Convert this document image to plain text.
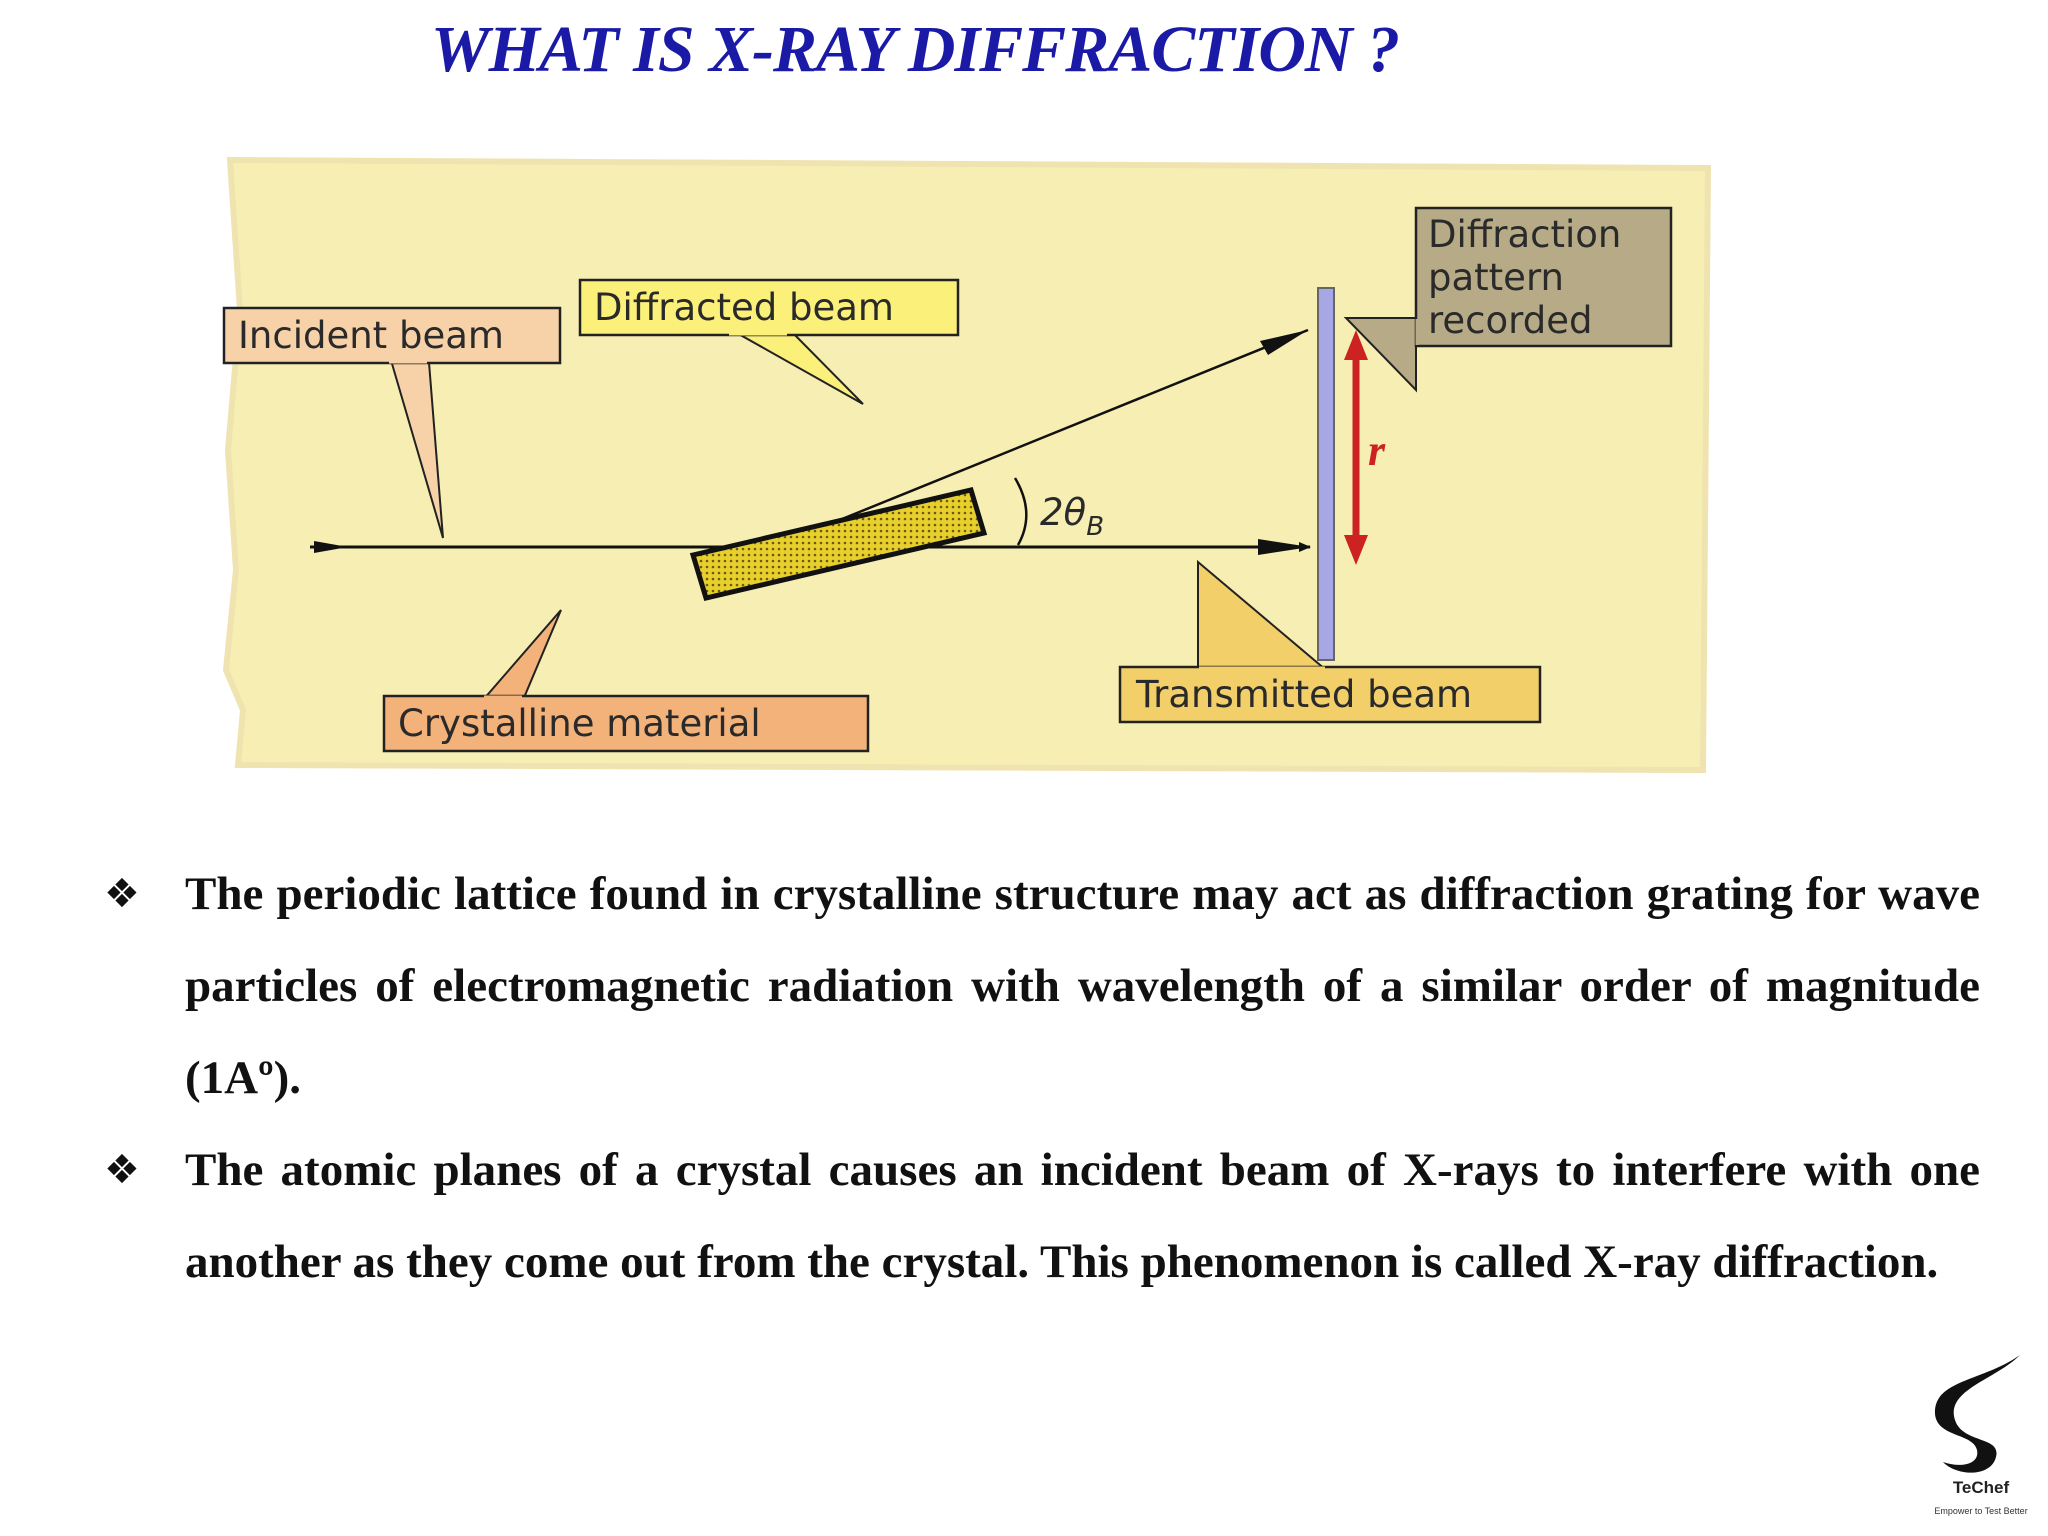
WHAT IS X-RAY DIFFRACTION ?
$2\theta_B$
r
Incident beam
Diffracted beam
Crystalline material
Transmitted beam
Diffraction
pattern
recorded
❖ The periodic lattice found in crystalline structure may act as diffraction grating for wave particles of electromagnetic radiation with wavelength of a similar order of magnitude (1Aº).
❖ The atomic planes of a crystal causes an incident beam of X-rays to interfere with one another as they come out from the crystal. This phenomenon is called X-ray diffraction.
TeChef
Empower to Test Better
